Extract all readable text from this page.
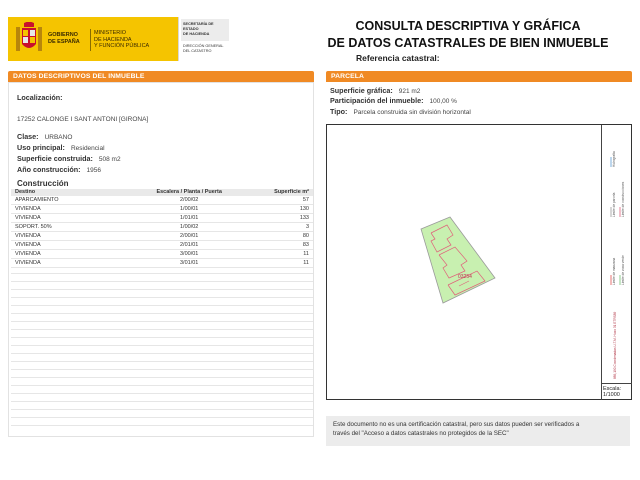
GOBIERNO
DE ESPAÑA
MINISTERIO
DE HACIENDA
Y FUNCIÓN PÚBLICA
SECRETARÍA DE ESTADO
DE HACIENDA
DIRECCIÓN GENERAL
DEL CATASTRO
CONSULTA DESCRIPTIVA Y GRÁFICA
DE DATOS CATASTRALES DE BIEN INMUEBLE
Referencia catastral:
DATOS DESCRIPTIVOS DEL INMUEBLE	PARCELA
Localización:
17252 CALONGE I SANT ANTONI [GIRONA]
Clase: URBANO
Uso principal: Residencial
Superficie construida: 508 m2
Año construcción: 1956
Construcción
Destino	Escalera / Planta / Puerta	Superficie m²
APARCAMIENTO	2/00/02	57
VIVIENDA	1/00/01	130
VIVIENDA	1/01/01	133
SOPORT. 50%	1/00/02	3
VIVIENDA	2/00/01	80
VIVIENDA	2/01/01	83
VIVIENDA	3/00/01	11
VIVIENDA	3/01/01	11
Superficie gráfica: 921 m2
Participación del inmueble: 100,00 %
Tipo: Parcela construida sin división horizontal
03254
Límite de parcela Límite de construcciones
Hidrografía
Límite de manzana Límite de zona verde
889,190 Coordenadas U.T.M. Huso 31 ETRS89
Escala:
1/1000
Este documento no es una certificación catastral, pero sus datos pueden ser verificados a
través del "Acceso a datos catastrales no protegidos de la SEC"
